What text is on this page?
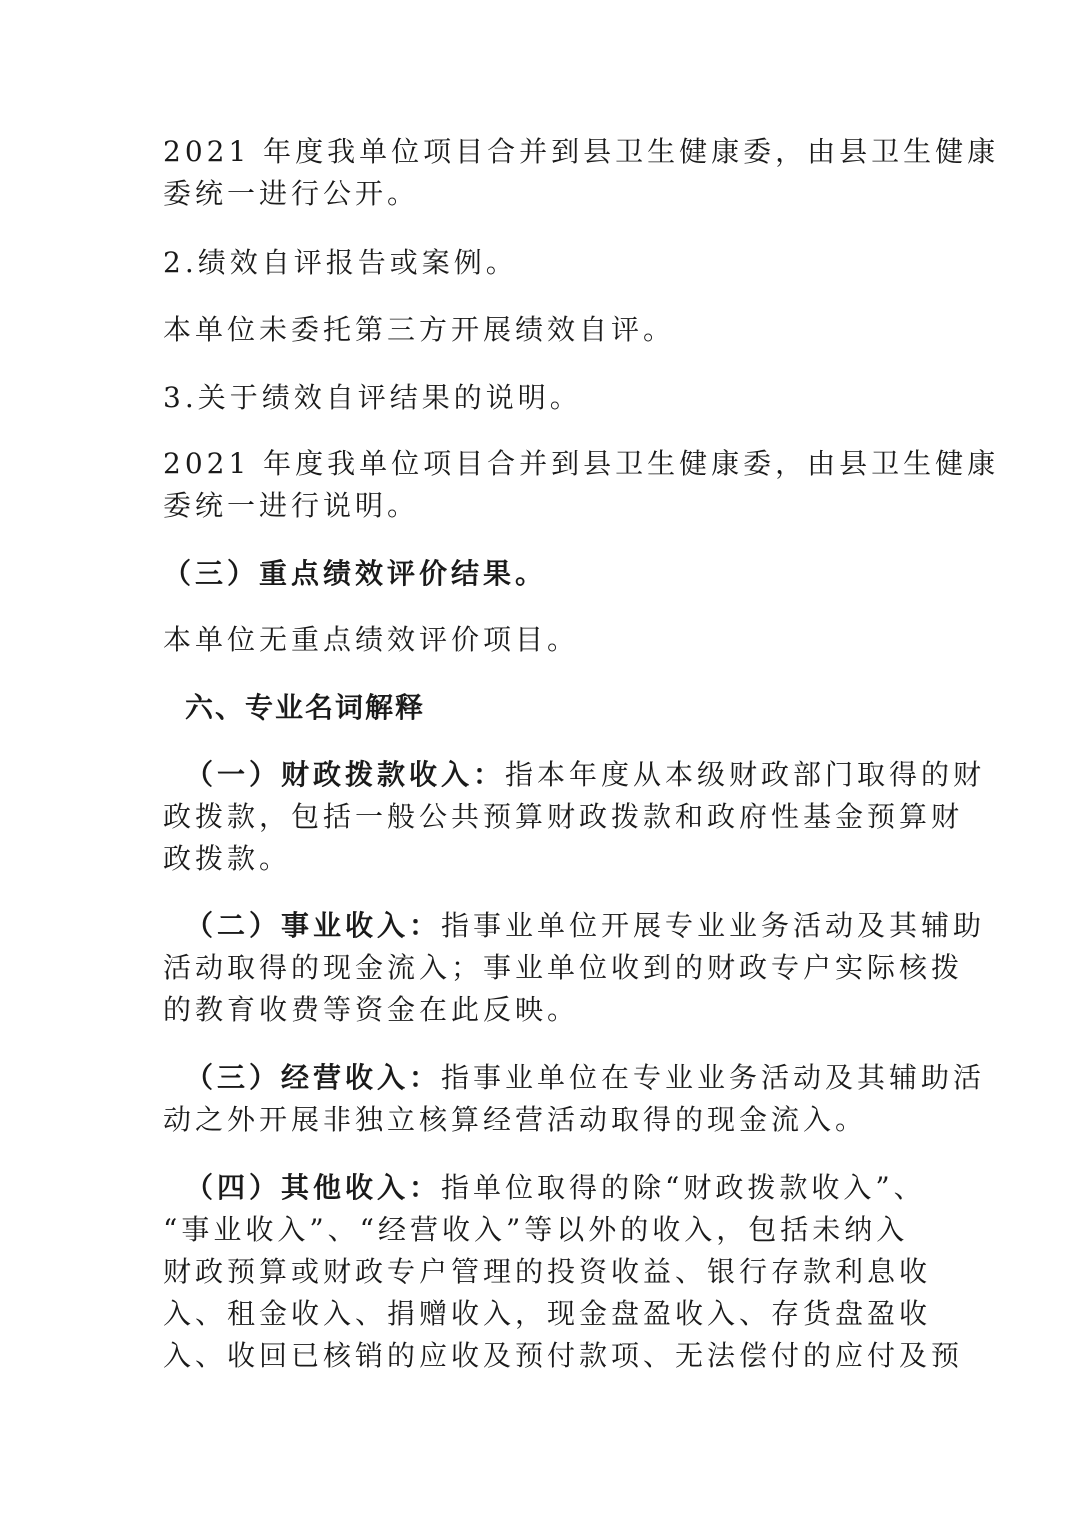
2021 年度我单位项目合并到县卫生健康委，由县卫生健康
委统一进行公开。
2.绩效自评报告或案例。
本单位未委托第三方开展绩效自评。
3.关于绩效自评结果的说明。
2021 年度我单位项目合并到县卫生健康委，由县卫生健康
委统一进行说明。
（三）重点绩效评价结果。
本单位无重点绩效评价项目。
六、专业名词解释
（一）财政拨款收入：指本年度从本级财政部门取得的财
政拨款，包括一般公共预算财政拨款和政府性基金预算财
政拨款。
（二）事业收入：指事业单位开展专业业务活动及其辅助
活动取得的现金流入；事业单位收到的财政专户实际核拨
的教育收费等资金在此反映。
（三）经营收入：指事业单位在专业业务活动及其辅助活
动之外开展非独立核算经营活动取得的现金流入。
（四）其他收入：指单位取得的除“财政拨款收入”、
“事业收入”、“经营收入”等以外的收入，包括未纳入
财政预算或财政专户管理的投资收益、银行存款利息收
入、租金收入、捐赠收入，现金盘盈收入、存货盘盈收
入、收回已核销的应收及预付款项、无法偿付的应付及预
